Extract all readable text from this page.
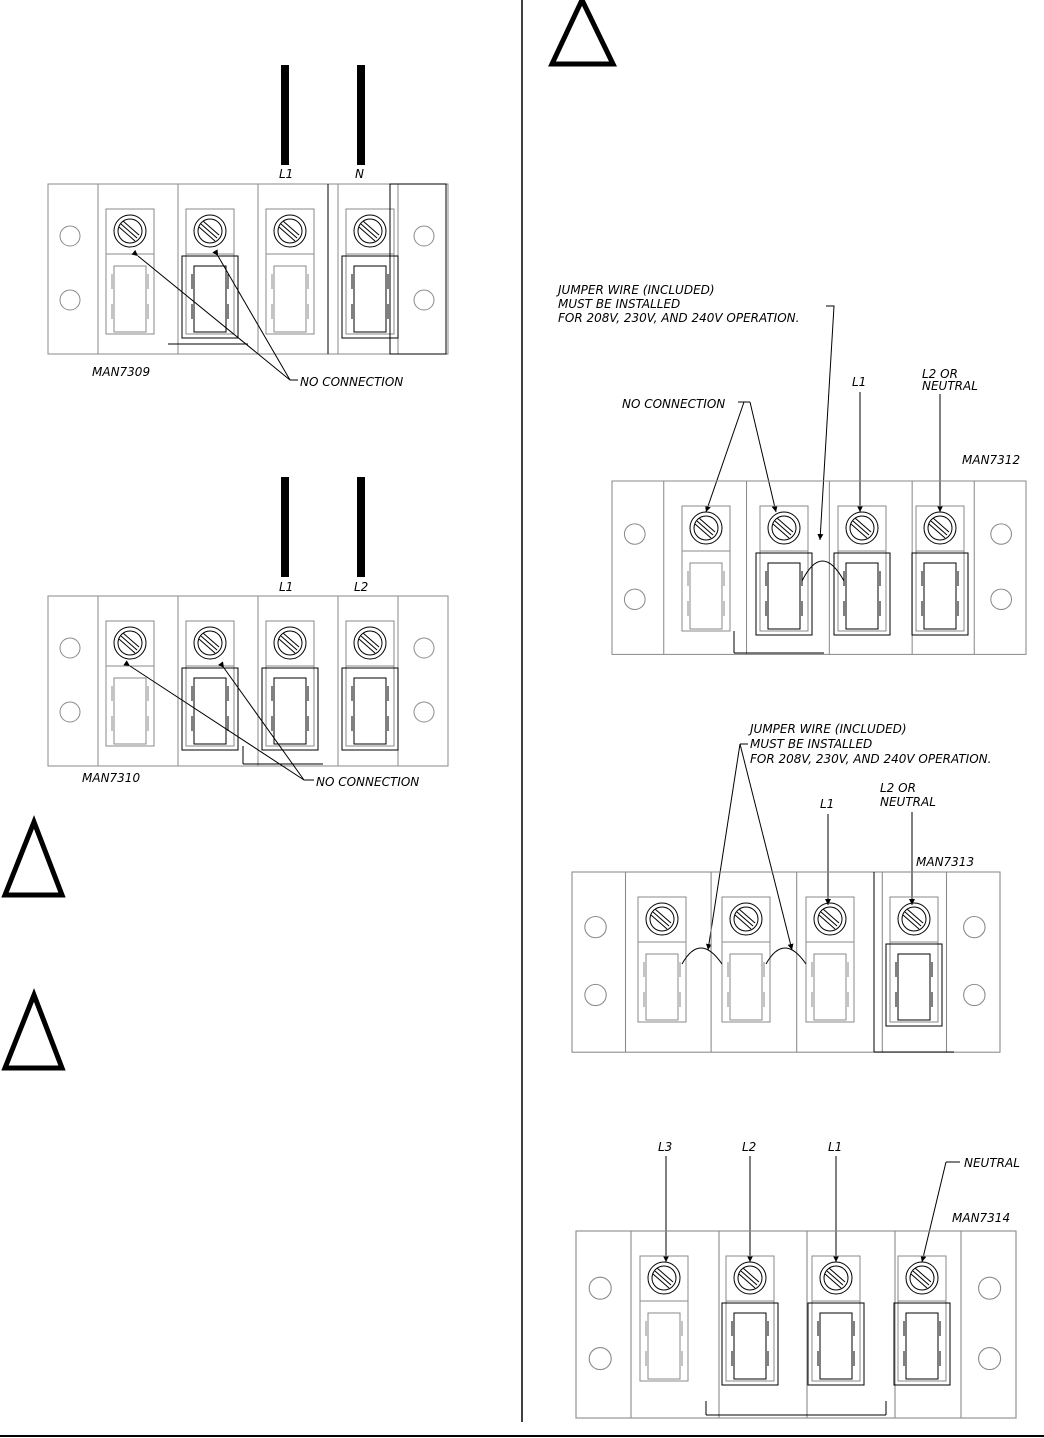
L1	N
NO CONNECTION
MAN7309
L1	L2
NO CONNECTION
MAN7310
JUMPER WIRE (INCLUDED)
MUST BE INSTALLED
FOR 208V, 230V, AND 240V OPERATION.
NO CONNECTION
L1
L2 OR
NEUTRAL
MAN7312
JUMPER WIRE (INCLUDED)
MUST BE INSTALLED
FOR 208V, 230V, AND 240V OPERATION.
L1
L2 OR
NEUTRAL
MAN7313
L3	L2	L1
NEUTRAL
MAN7314
